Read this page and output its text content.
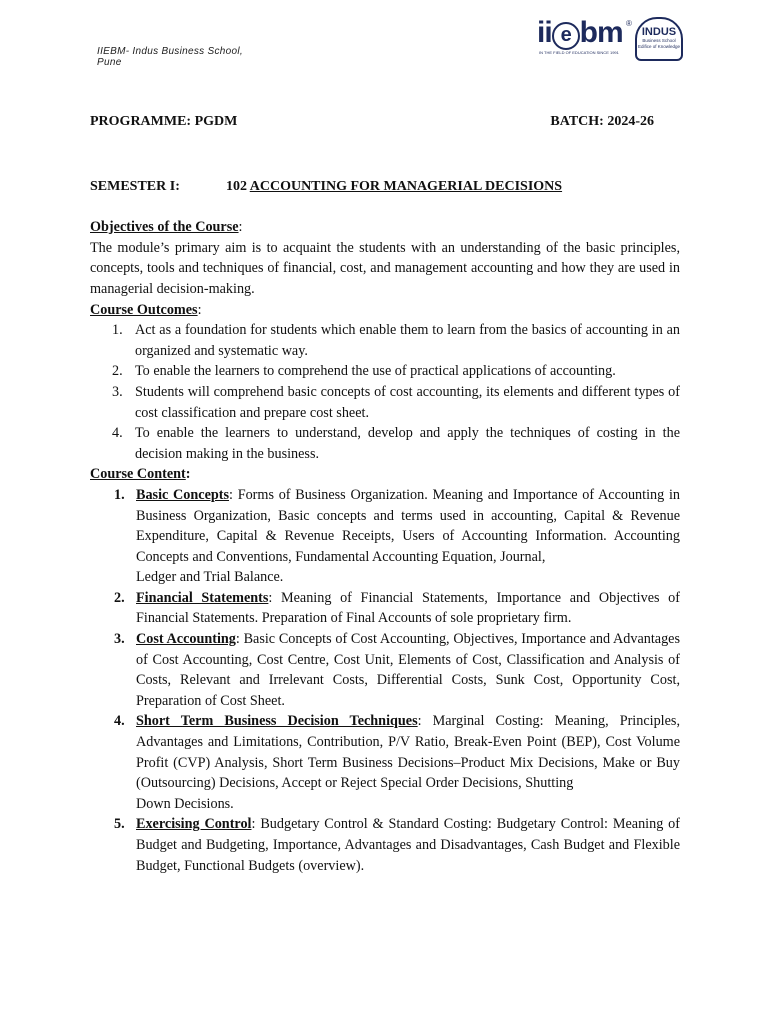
IIEBM- Indus Business School,
Pune
ii e bm ®
IN THE FIELD OF EDUCATION SINCE 1991
INDUS
Business School
Edifice of Knowledge
PROGRAMME: PGDM	BATCH: 2024-26
SEMESTER I:	102 ACCOUNTING FOR MANAGERIAL DECISIONS
Objectives of the Course:
The module’s primary aim is to acquaint the students with an understanding of the basic principles, concepts, tools and techniques of financial, cost, and management accounting and how they are used in managerial decision-making.
Course Outcomes:
1. Act as a foundation for students which enable them to learn from the basics of accounting in an organized and systematic way.
2. To enable the learners to comprehend the use of practical applications of accounting.
3. Students will comprehend basic concepts of cost accounting, its elements and different types of cost classification and prepare cost sheet.
4. To enable the learners to understand, develop and apply the techniques of costing in the decision making in the business.
Course Content:
1. Basic Concepts: Forms of Business Organization. Meaning and Importance of Accounting in Business Organization, Basic concepts and terms used in accounting, Capital & Revenue Expenditure, Capital & Revenue Receipts, Users of Accounting Information. Accounting Concepts and Conventions, Fundamental Accounting Equation, Journal,
Ledger and Trial Balance.
2. Financial Statements: Meaning of Financial Statements, Importance and Objectives of Financial Statements. Preparation of Final Accounts of sole proprietary firm.
3. Cost Accounting: Basic Concepts of Cost Accounting, Objectives, Importance and Advantages of Cost Accounting, Cost Centre, Cost Unit, Elements of Cost, Classification and Analysis of Costs, Relevant and Irrelevant Costs, Differential Costs, Sunk Cost, Opportunity Cost, Preparation of Cost Sheet.
4. Short Term Business Decision Techniques: Marginal Costing: Meaning, Principles, Advantages and Limitations, Contribution, P/V Ratio, Break-Even Point (BEP), Cost Volume Profit (CVP) Analysis, Short Term Business Decisions–Product Mix Decisions, Make or Buy (Outsourcing) Decisions, Accept or Reject Special Order Decisions, Shutting
Down Decisions.
5. Exercising Control: Budgetary Control & Standard Costing: Budgetary Control: Meaning of Budget and Budgeting, Importance, Advantages and Disadvantages, Cash Budget and Flexible Budget, Functional Budgets (overview).
